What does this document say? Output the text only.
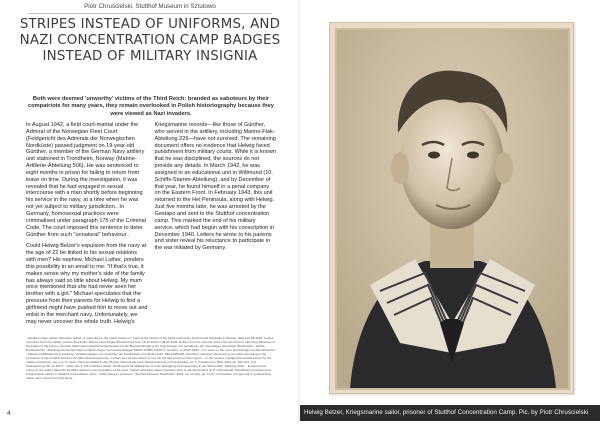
Piotr Chruścielski, Stutthof Museum in Sztutowo
STRIPES INSTEAD OF UNIFORMS, AND NAZI CONCENTRATION CAMP BADGES INSTEAD OF MILITARY INSIGNIA

Both were deemed 'unworthy' victims of the Third Reich: branded as saboteurs by their compatriots for many years, they remain overlooked in Polish historiography because they were viewed as Nazi invaders.

In August 1942, a field court-martial under the Admiral of the Norwegian Fleet Court (Feldgericht des Admirals der Norwegischen Nordküste) passed judgment on 19-year-old Günther, a member of the German Navy artillery unit stationed in Trondheim, Norway (Marine-Artillerie-Abteilung 506). He was sentenced to eight months in prison for failing to return from leave on time. During the investigation, it was revealed that he had engaged in sexual intercourse with a man shortly before beginning his service in the navy, at a time when he was not yet subject to military jurisdiction.. In Germany, homosexual practices were criminalised under paragraph 175 of the Criminal Code. The court imposed this sentence to deter Günther from such "unnatural" behaviour..

Could Helwig Belzer's expulsion from the navy at the age of 22 be linked to his sexual relations with men? His nephew, Michael Luther, ponders this possibility in an email to me: "If that's true, it makes sense why my mother's side of the family has always said so little about Helwig. My mum once mentioned that she had never seen her brother with a girl." Michael speculates that the pressure from their parents for Helwig to find a girlfriend might have pushed him to move out and enlist in the merchant navy. Unfortunately, we may never uncover the whole truth. Helwig's Kriegsmarine records—like those of Günther, who served in the artillery, including Marine-Flak-Abteilung 226—have not survived. The remaining document offers no evidence that Helwig faced punishment from military courts. While it is known that he was disciplined, the sources do not provide any details. In March 1942, he was assigned to an educational unit in Wittmund (10. Schiffs-Stamm-Abteilung), and by December of that year, he found himself in a penal company on the Eastern Front. In February 1943, this unit returned to the Hel Peninsula, along with Helwig. Just five months later, he was arrested by the Gestapo and sent to the Stutthof concentration camp. This marked the end of his military service, which had begun with his conscription in December 1940. Letters he wrote to his parents and sister reveal his reluctance to participate in the war initiated by Germany.

- Günther's fate, unless otherwise stated, is presented in the article based on: Copy of the verdict of the Field court at the North Coast Admiralty in Norway, dated 14.08.1942, Copies of notices from the military prisons Bornholm, Bremen and Torgau-Bruckenkopf from 18.10.1942 to 08.04.1943, Entries from the records of the German Post for informing Relatives of the Fallen of the Former German Wehrmacht (Deutsche Dienststelle für die Benachrichtigung der Angehörigen von Gefallenen der ehemaligen deutschen Wehrmacht - WASt), Bundesarchiv - Abteilung Deutsches Reich in Berlin Tegel, Personalunterlagen PERS 1/3859 S/1/85.1, Günther, d. 08.05.1943. - For more on the court proceedings see Bundesarchiv - Abteilung Militärarchiv in Freiburg, Verfahrensakten von Gerichten der Reichswehr und Wehrmacht, RM 123/Rw66. Günther's surname shortened to an initial, according to the provisions of the Federal Archives Act (Bundesarchivgesetz), in effect and as permission to use the full name had not been given. - In the context of judgments handed down by the military jurisdiction, see e.g. G. Grau, Homosexualität in der NS-Zeit. Dokumente einer Diskriminierung und Verfolgung, ed. 2, Frankfurt am Main 2011, pp. 200-241; K.D. Spangenberg, Wo ist Fritz? - Opfer des § 175 im Dritten Reich. Ein Beispiel für Militärjustiz und die Verfolgung Homosexueller in der Wehrmacht, Marburg 2014. - Email from M. Luther to the author dated 31.10.2023 (author's own translation of the text). Unless otherwise stated, Helwig's story is narrated based on P. Chruścielski, Disciplinary punishment of Kriegsmarine sailors in Stutthof concentration camp - SAW category prisoners, "Stutthof Museum Notebooks" 2024, no. 13 (22), pp. 13-47. Information of a general or synthesising nature also comes from this study.
4	Helwig Belzer, Kriegsmarine sailor, prisoner of Stutthof Concentration Camp. Pic. by Piotr Chruścielski
